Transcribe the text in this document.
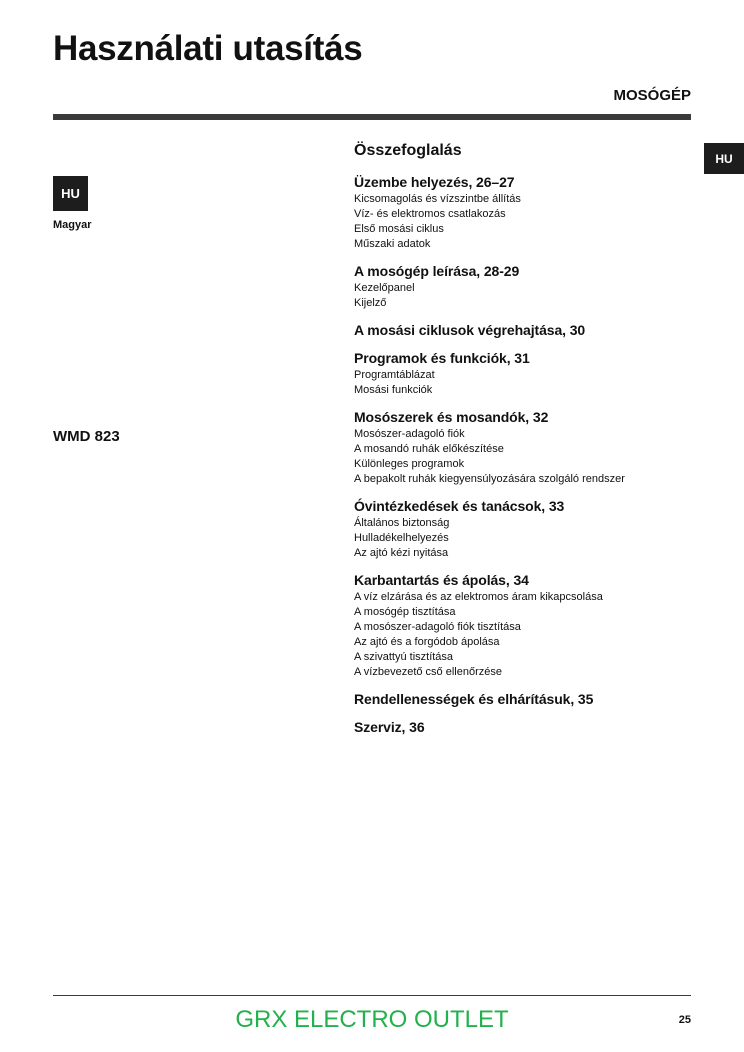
Használati utasítás
MOSÓGÉP
HU
Magyar
WMD 823
HU
Összefoglalás
Üzembe helyezés, 26–27
Kicsomagolás és vízszintbe állítás
Víz- és elektromos csatlakozás
Első mosási ciklus
Műszaki adatok
A mosógép leírása, 28-29
Kezelőpanel
Kijelző
A mosási ciklusok végrehajtása, 30
Programok és funkciók, 31
Programtáblázat
Mosási funkciók
Mosószerek és mosandók, 32
Mosószer-adagoló fiók
A mosandó ruhák előkészítése
Különleges programok
A bepakolt ruhák kiegyensúlyozására szolgáló rendszer
Óvintézkedések és tanácsok, 33
Általános biztonság
Hulladékelhelyezés
Az ajtó kézi nyitása
Karbantartás és ápolás, 34
A víz elzárása és az elektromos áram kikapcsolása
A mosógép tisztítása
A mosószer-adagoló fiók tisztítása
Az ajtó és a forgódob ápolása
A szivattyú tisztítása
A vízbevezető cső ellenőrzése
Rendellenességek és elhárításuk, 35
Szerviz, 36
GRX ELECTRO OUTLET	25
